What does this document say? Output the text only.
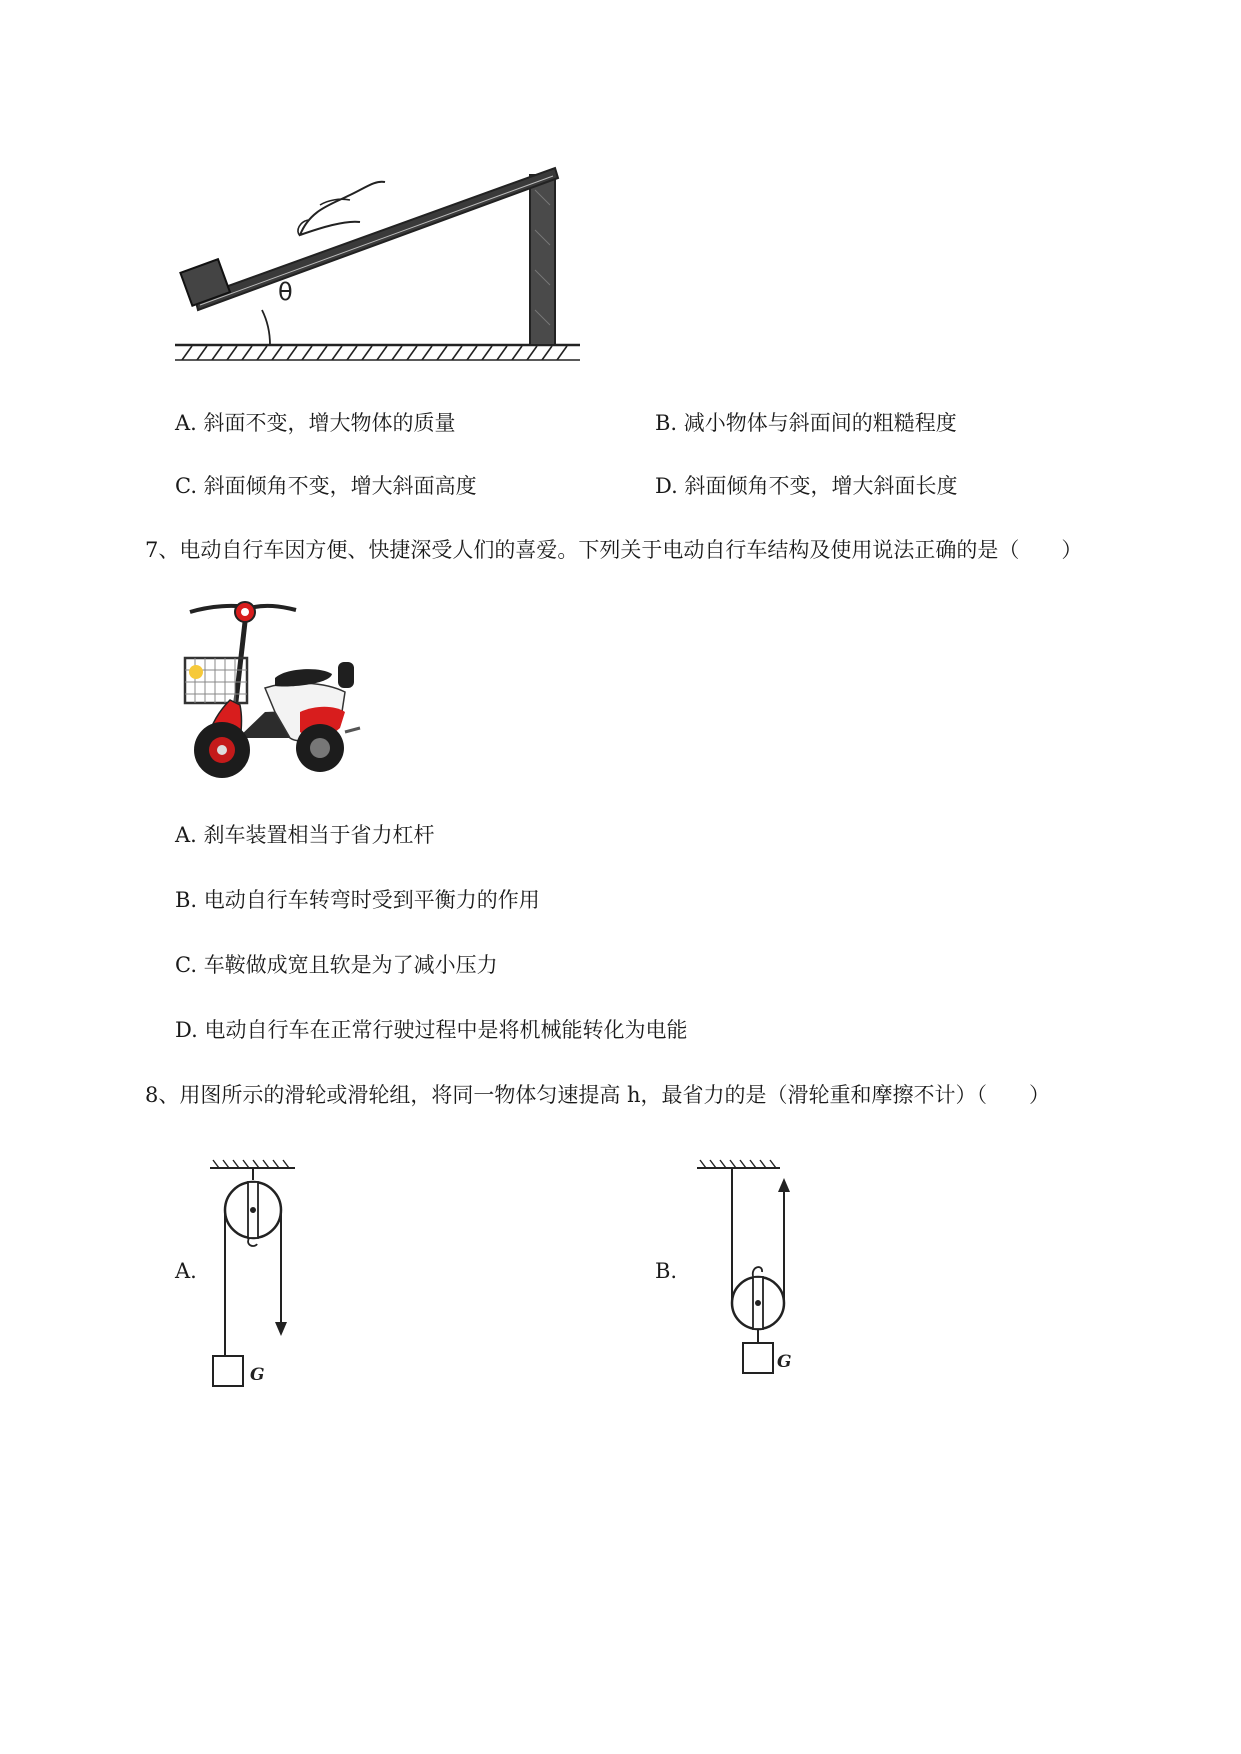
θ
A. 斜面不变，增大物体的质量	B. 减小物体与斜面间的粗糙程度
C. 斜面倾角不变，增大斜面高度	D. 斜面倾角不变，增大斜面长度
7、电动自行车因方便、快捷深受人们的喜爱。下列关于电动自行车结构及使用说法正确的是（　　）
A. 刹车装置相当于省力杠杆
B. 电动自行车转弯时受到平衡力的作用
C. 车鞍做成宽且软是为了减小压力
D. 电动自行车在正常行驶过程中是将机械能转化为电能
8、用图所示的滑轮或滑轮组，将同一物体匀速提高 h，最省力的是（滑轮重和摩擦不计）（　　）
A.
G
B.
G
